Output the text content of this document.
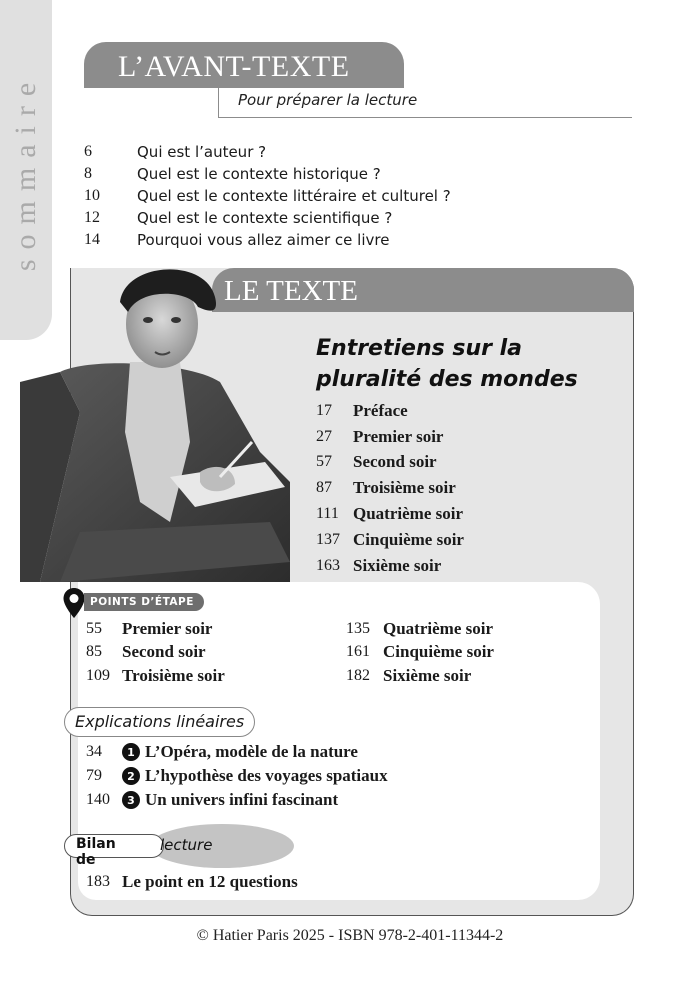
sommaire
L’AVANT-TEXTE
Pour préparer la lecture
6	Qui est l’auteur ?
8	Quel est le contexte historique ?
10	Quel est le contexte littéraire et culturel ?
12	Quel est le contexte scientifique ?
14	Pourquoi vous allez aimer ce livre
LE TEXTE
Entretiens sur la pluralité des mondes
17	Préface
27	Premier soir
57	Second soir
87	Troisième soir
111 Quatrième soir
137 Cinquième soir
163 Sixième soir
POINTS D’ÉTAPE
55	Premier soir
85	Second soir
109 Troisième soir
135 Quatrième soir
161 Cinquième soir
182 Sixième soir
Explications linéaires
34	1 L’Opéra, modèle de la nature
79	2 L’hypothèse des voyages spatiaux
140	3 Un univers infini fascinant
Bilan de
lecture
183 Le point en 12 questions
© Hatier Paris 2025 - ISBN 978-2-401-11344-2
